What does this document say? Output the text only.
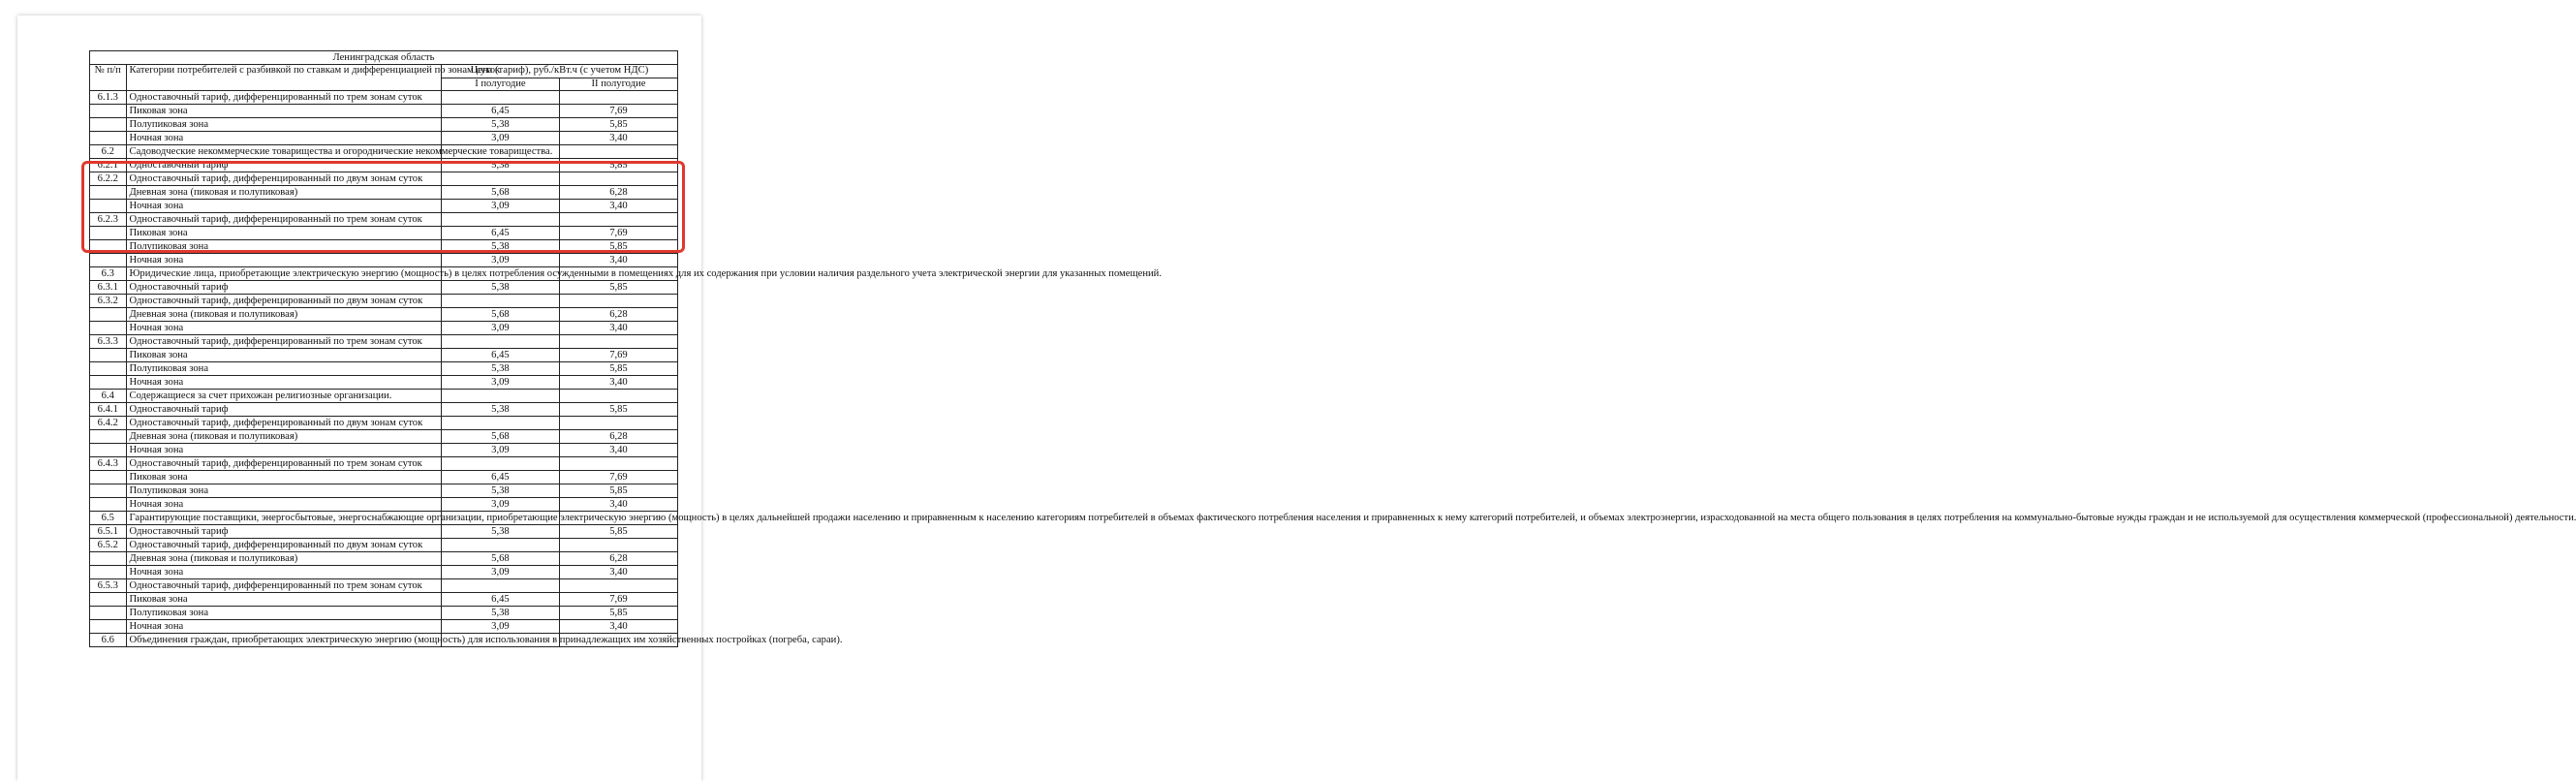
Ленинградская область			
№ п/п	Категории потребителей с разбивкой по ставкам и дифференциацией по зонам суток	Цена (тариф), руб./кВт.ч (с учетом НДС)	
		I полугодие	II полугодие
6.1.3	Одноставочный тариф, дифференцированный по трем зонам суток		
	Пиковая зона	6,45	7,69
	Полупиковая зона	5,38	5,85
	Ночная зона	3,09	3,40
6.2	Садоводческие некоммерческие товарищества и огороднические некоммерческие товарищества.		
6.2.1	Одноставочный тариф	5,38	5,85
6.2.2	Одноставочный тариф, дифференцированный по двум зонам суток		
	Дневная зона (пиковая и полупиковая)	5,68	6,28
	Ночная зона	3,09	3,40
6.2.3	Одноставочный тариф, дифференцированный по трем зонам суток		
	Пиковая зона	6,45	7,69
	Полупиковая зона	5,38	5,85
	Ночная зона	3,09	3,40
6.3	Юридические лица, приобретающие электрическую энергию (мощность) в целях потребления осужденными в помещениях для их содержания при условии наличия раздельного учета электрической энергии для указанных помещений.		
6.3.1	Одноставочный тариф	5,38	5,85
6.3.2	Одноставочный тариф, дифференцированный по двум зонам суток		
	Дневная зона (пиковая и полупиковая)	5,68	6,28
	Ночная зона	3,09	3,40
6.3.3	Одноставочный тариф, дифференцированный по трем зонам суток		
	Пиковая зона	6,45	7,69
	Полупиковая зона	5,38	5,85
	Ночная зона	3,09	3,40
6.4	Содержащиеся за счет прихожан религиозные организации.		
6.4.1	Одноставочный тариф	5,38	5,85
6.4.2	Одноставочный тариф, дифференцированный по двум зонам суток		
	Дневная зона (пиковая и полупиковая)	5,68	6,28
	Ночная зона	3,09	3,40
6.4.3	Одноставочный тариф, дифференцированный по трем зонам суток		
	Пиковая зона	6,45	7,69
	Полупиковая зона	5,38	5,85
	Ночная зона	3,09	3,40
6.5	Гарантирующие поставщики, энергосбытовые, энергоснабжающие организации, приобретающие электрическую энергию (мощность) в целях дальнейшей продажи населению и приравненным к населению категориям потребителей в объемах фактического потребления населения и приравненных к нему категорий потребителей, и объемах электроэнергии, израсходованной на места общего пользования в целях потребления на коммунально-бытовые нужды граждан и не используемой для осуществления коммерческой (профессиональной) деятельности.		
6.5.1	Одноставочный тариф	5,38	5,85
6.5.2	Одноставочный тариф, дифференцированный по двум зонам суток		
	Дневная зона (пиковая и полупиковая)	5,68	6,28
	Ночная зона	3,09	3,40
6.5.3	Одноставочный тариф, дифференцированный по трем зонам суток		
	Пиковая зона	6,45	7,69
	Полупиковая зона	5,38	5,85
	Ночная зона	3,09	3,40
6.6	Объединения граждан, приобретающих электрическую энергию (мощность) для использования в принадлежащих им хозяйственных постройках (погреба, сараи).		
